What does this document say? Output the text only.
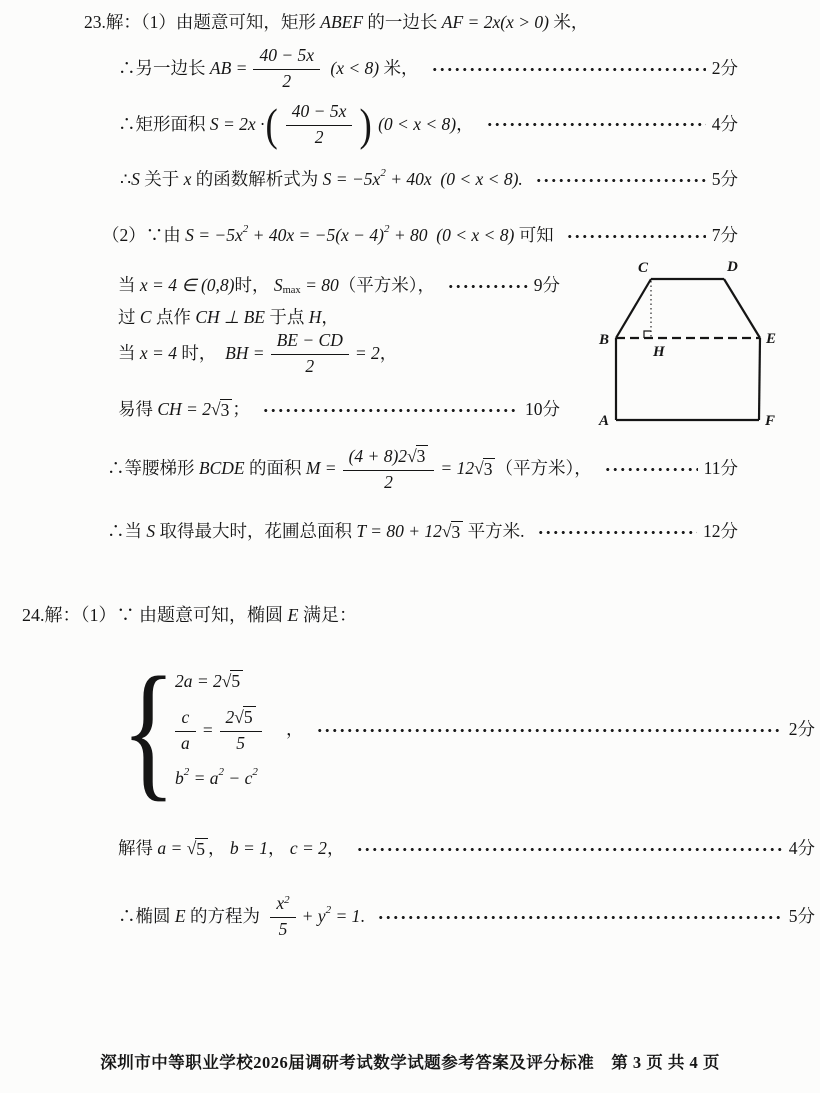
23.解：（1）由题意可知，矩形 ABEF 的一边长 AF = 2x(x > 0) 米，
∴另一边长 AB = $\frac{40 - 5x}{2} (x < 8)$ 米，	2分
∴矩形面积 S = 2x · ( $\frac{40 - 5x}{2}$ ) (0 < x < 8) ，	4分
∴ S 关于 x 的函数解析式为 S = −5x 2 + 40x  (0 < x < 8).	5分
（2）∵由 S = −5x 2 + 40x = −5(x − 4) 2 + 80  (0 < x < 8) 可知	7分
当 x = 4 ∈ (0,8) 时， S max = 80 （平方米），	9分
过 C 点作 CH ⊥ BE 于点 H ，
当 x = 4 时， BH = $\frac{BE - CD}{2} = 2$ ，
易得 CH = 2 √ 3 ；	10分
∴等腰梯形 BCDE 的面积 $M = \frac{(4 + 8)2 √ 3}{2} = 12$ √ 3 （平方米），	11分
∴当 S 取得最大时，花圃总面积 T = 80 + 12 √ 3 平方米.	12分
C	D
B	E
H
A	F
24.解：（1）∵ 由题意可知，椭圆 E 满足：
{ 2a = 2 √ 5
$\frac{c}{a} = \frac{2 √ 5}{5}$
b 2 = a 2 − c 2
，	2分
解得 a = √ 5 ， b = 1 ， c = 2 ，	4分
∴椭圆 E 的方程为 $\frac{x 2}{5} + y$ 2 = 1 .	5分
深圳市中等职业学校2026届调研考试数学试题参考答案及评分标准　第 3 页 共 4 页
